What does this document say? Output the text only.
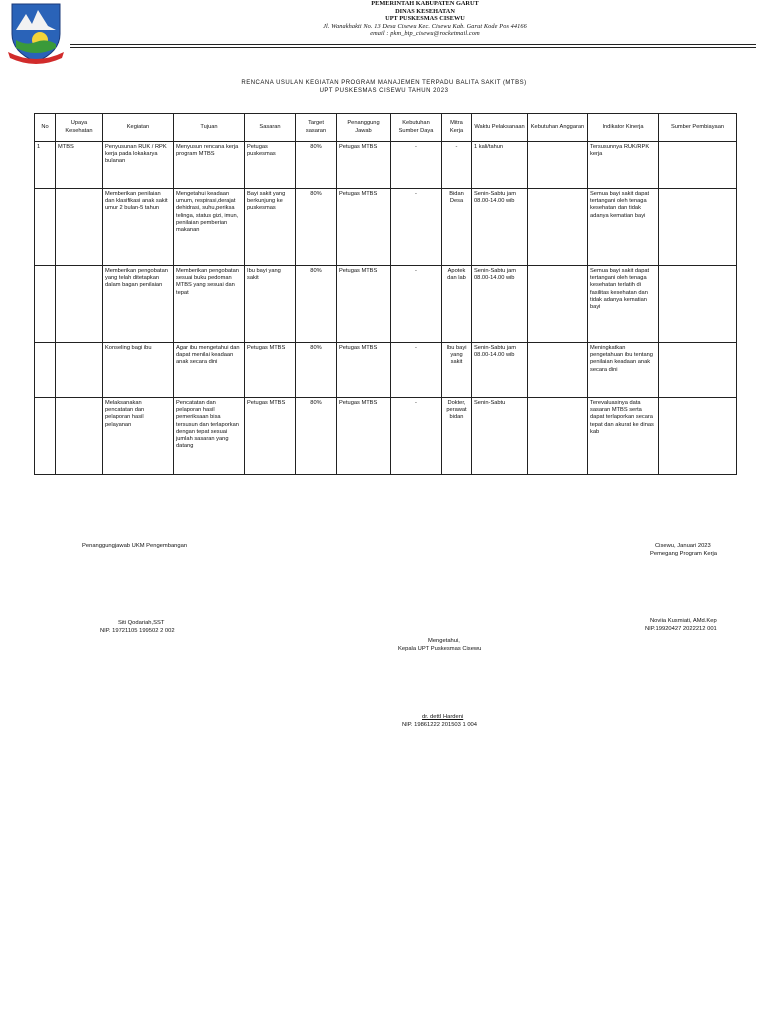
PEMERINTAH KABUPATEN GARUT
DINAS KESEHATAN
UPT PUSKESMAS CISEWU
Jl. Wanakhakti No. 13 Desa Cisewu Kec. Cisewu Kab. Garut Kode Pos 44166
email : pkm_btp_cisewu@rocketmail.com
RENCANA USULAN KEGIATAN PROGRAM MANAJEMEN TERPADU BALITA SAKIT (MTBS)
UPT PUSKESMAS CISEWU TAHUN 2023
No	Upaya Kesehatan	Kegiatan	Tujuan	Sasaran	Target sasaran	Penanggung Jawab	Kebutuhan Sumber Daya	Mitra Kerja	Waktu Pelaksanaan	Kebutuhan Anggaran	Indikator Kinerja	Sumber Pembiayaan
1	MTBS	Penyusunan RUK / RPK kerja pada lokakarya bulanan	Menyusun rencana kerja program MTBS	Petugas puskesmas	80%	Petugas MTBS	-	-	1 kali/tahun		Tersusunnya RUK/RPK kerja	
		Memberikan penilaian dan klasifikasi anak sakit umur 2 bulan-5 tahun	Mengetahui keadaan umum, respirasi,derajat dehidrasi, suhu,periksa telinga, status gizi, imun, penilaian pemberian makanan	Bayi sakit yang berkunjung ke puskesmas	80%	Petugas MTBS	-	Bidan Desa	Senin-Sabtu jam 08.00-14.00 wib		Semua bayi sakit dapat tertangani oleh tenaga kesehatan dan tidak adanya kematian bayi	
		Memberikan pengobatan yang telah ditetapkan dalam bagan penilaian	Memberikan pengobatan sesuai buku pedoman MTBS yang sesuai dan tepat	Ibu bayi yang sakit	80%	Petugas MTBS	-	Apotek dan lab	Senin-Sabtu jam 08.00-14.00 wib		Semua bayi sakit dapat tertangani oleh tenaga kesehatan terlatih di fasilitas kesehatan dan tidak adanya kematian bayi	
		Konseling bagi ibu	Agar ibu mengetahui dan dapat menilai keadaan anak secara dini	Petugas MTBS	80%	Petugas MTBS	-	Ibu bayi yang sakit	Senin-Sabtu jam 08.00-14.00 wib		Meningkatkan pengetahuan ibu tentang penilaian keadaan anak secara dini	
		Melaksanakan pencatatan dan pelaporan hasil pelayanan	Pencatatan dan pelaporan hasil pemeriksaan bisa tersusun dan terlaporkan dengan tepat sesuai jumlah sasaran yang datang	Petugas MTBS	80%	Petugas MTBS	-	Dokter, perawat bidan	Senin-Sabtu		Terevaluasinya data sasaran MTBS serta dapat terlaporkan secara tepat dan akurat ke dinas kab	
Penanggungjawab UKM Pengembangan
Siti Qodariah,SST
NIP. 19721105 199502 2 002
Cisewu, Januari 2023
Pemegang Program Kerja
Noviia Kusmiati, AMd.Kep
NIP.19920427 2022212 001
Mengetahui,
Kepala UPT Puskesmas Cisewu
dr. dettI Hardeni
NIP. 19861222 201503 1 004
